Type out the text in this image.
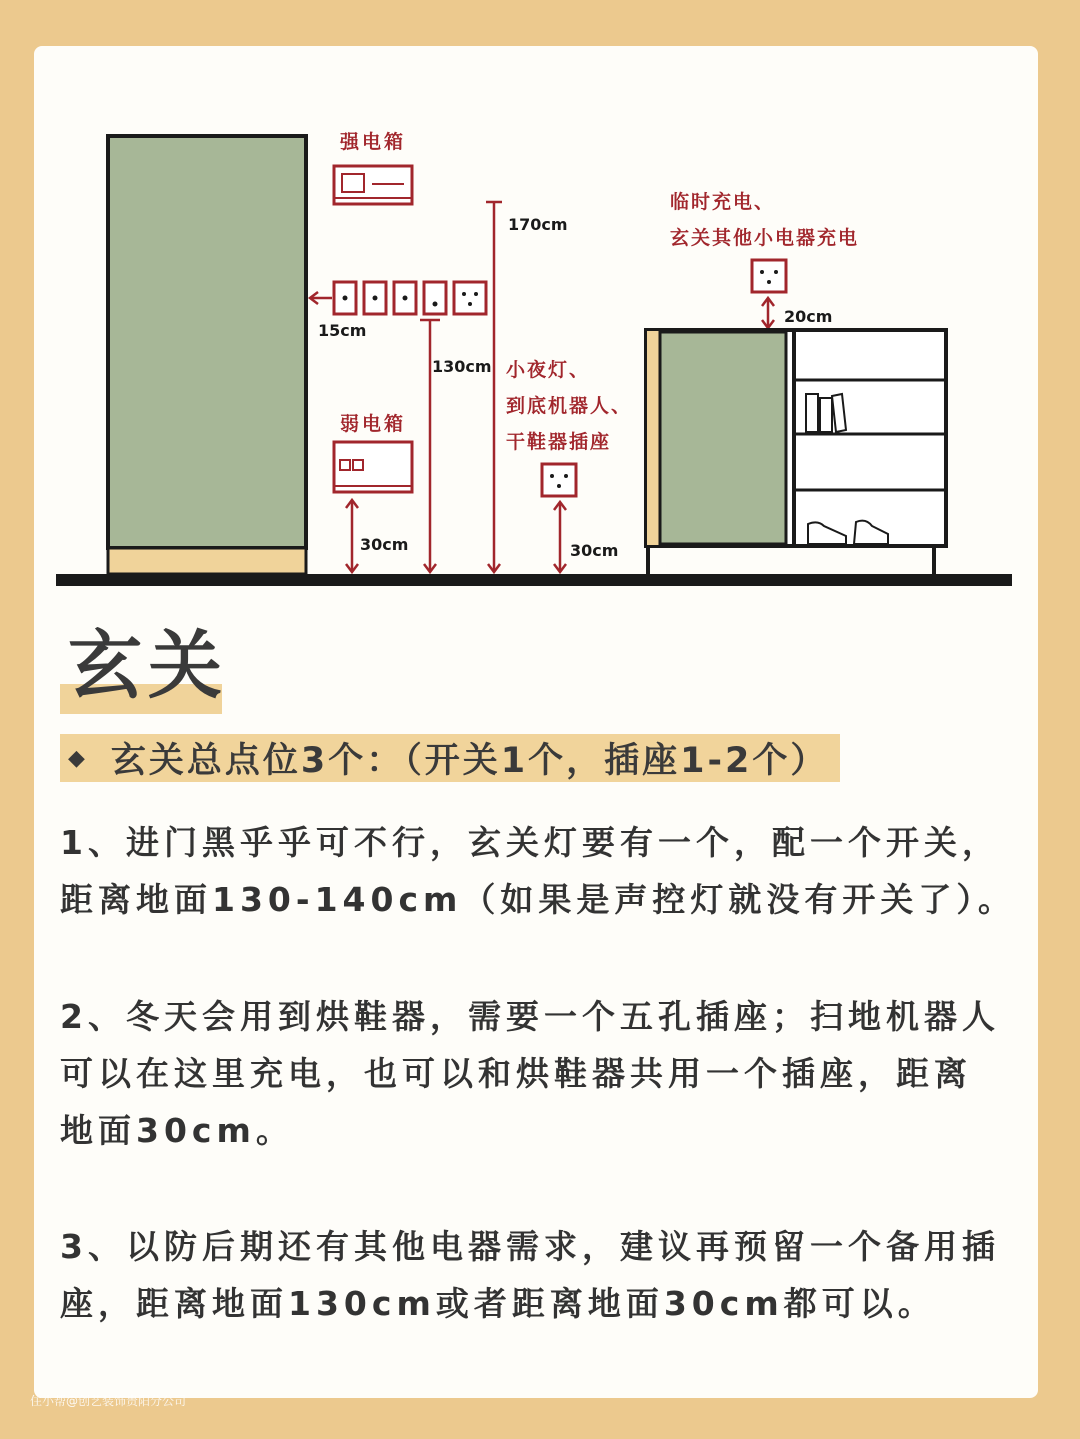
强电箱
15cm
弱电箱
30cm
130cm
170cm
小夜灯、
到底机器人、
干鞋器插座
30cm
临时充电、
玄关其他小电器充电
20cm
玄关
◆ 玄关总点位3个：（开关1个，插座1-2个）

1、进门黑乎乎可不行，玄关灯要有一个，配一个开关，
距离地面130-140cm（如果是声控灯就没有开关了）。

2、冬天会用到烘鞋器，需要一个五孔插座；扫地机器人
可以在这里充电，也可以和烘鞋器共用一个插座，距离
地面30cm。

3、以防后期还有其他电器需求，建议再预留一个备用插
座，距离地面130cm或者距离地面30cm都可以。

住小帮@创艺装饰贵阳分公司
